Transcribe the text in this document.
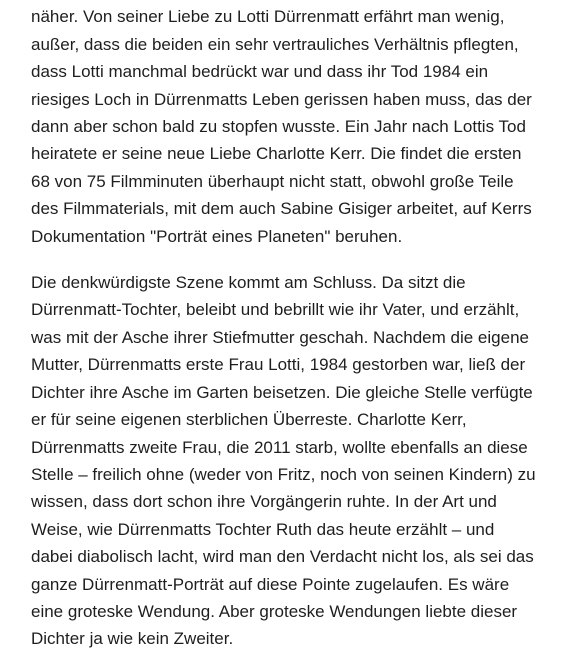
näher. Von seiner Liebe zu Lotti Dürrenmatt erfährt man wenig,
außer, dass die beiden ein sehr vertrauliches Verhältnis pflegten,
dass Lotti manchmal bedrückt war und dass ihr Tod 1984 ein
riesiges Loch in Dürrenmatts Leben gerissen haben muss, das der
dann aber schon bald zu stopfen wusste. Ein Jahr nach Lottis Tod
heiratete er seine neue Liebe Charlotte Kerr. Die findet die ersten
68 von 75 Filmminuten überhaupt nicht statt, obwohl große Teile
des Filmmaterials, mit dem auch Sabine Gisiger arbeitet, auf Kerrs
Dokumentation "Porträt eines Planeten" beruhen.

Die denkwürdigste Szene kommt am Schluss. Da sitzt die
Dürrenmatt-Tochter, beleibt und bebrillt wie ihr Vater, und erzählt,
was mit der Asche ihrer Stiefmutter geschah. Nachdem die eigene
Mutter, Dürrenmatts erste Frau Lotti, 1984 gestorben war, ließ der
Dichter ihre Asche im Garten beisetzen. Die gleiche Stelle verfügte
er für seine eigenen sterblichen Überreste. Charlotte Kerr,
Dürrenmatts zweite Frau, die 2011 starb, wollte ebenfalls an diese
Stelle – freilich ohne (weder von Fritz, noch von seinen Kindern) zu
wissen, dass dort schon ihre Vorgängerin ruhte. In der Art und
Weise, wie Dürrenmatts Tochter Ruth das heute erzählt – und
dabei diabolisch lacht, wird man den Verdacht nicht los, als sei das
ganze Dürrenmatt-Porträt auf diese Pointe zugelaufen. Es wäre
eine groteske Wendung. Aber groteske Wendungen liebte dieser
Dichter ja wie kein Zweiter.
